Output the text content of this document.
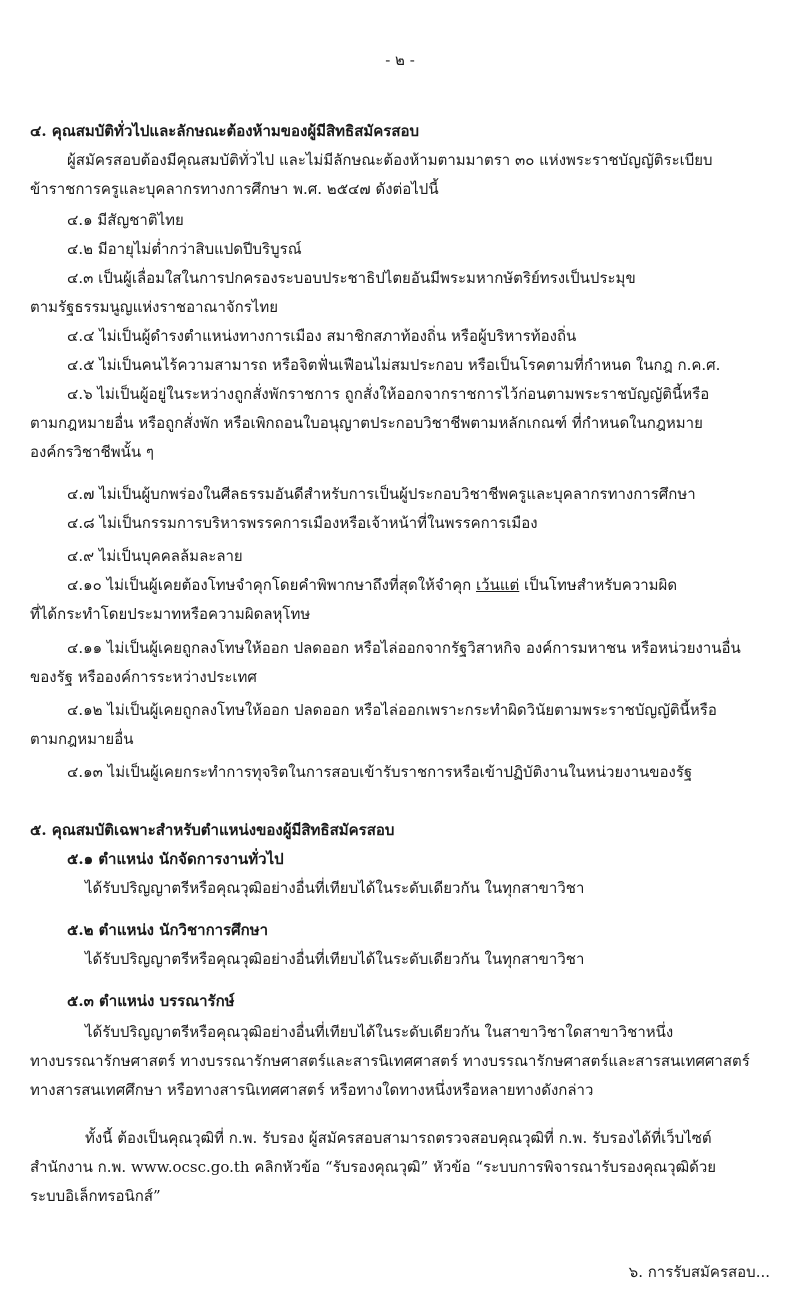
- ๒ -
๔. คุณสมบัติทั่วไปและลักษณะต้องห้ามของผู้มีสิทธิสมัครสอบ
ผู้สมัครสอบต้องมีคุณสมบัติทั่วไป และไม่มีลักษณะต้องห้ามตามมาตรา ๓๐ แห่งพระราชบัญญัติระเบียบ
ข้าราชการครูและบุคลากรทางการศึกษา พ.ศ. ๒๕๔๗ ดังต่อไปนี้
๔.๑ มีสัญชาติไทย
๔.๒ มีอายุไม่ต่ำกว่าสิบแปดปีบริบูรณ์
๔.๓ เป็นผู้เลื่อมใสในการปกครองระบอบประชาธิปไตยอันมีพระมหากษัตริย์ทรงเป็นประมุข
ตามรัฐธรรมนูญแห่งราชอาณาจักรไทย
๔.๔ ไม่เป็นผู้ดำรงตำแหน่งทางการเมือง สมาชิกสภาท้องถิ่น หรือผู้บริหารท้องถิ่น
๔.๕ ไม่เป็นคนไร้ความสามารถ หรือจิตฟั่นเฟือนไม่สมประกอบ หรือเป็นโรคตามที่กำหนด ในกฎ ก.ค.ศ.
๔.๖ ไม่เป็นผู้อยู่ในระหว่างถูกสั่งพักราชการ ถูกสั่งให้ออกจากราชการไว้ก่อนตามพระราชบัญญัตินี้หรือ
ตามกฎหมายอื่น หรือถูกสั่งพัก หรือเพิกถอนใบอนุญาตประกอบวิชาชีพตามหลักเกณฑ์ ที่กำหนดในกฎหมาย
องค์กรวิชาชีพนั้น ๆ
๔.๗ ไม่เป็นผู้บกพร่องในศีลธรรมอันดีสำหรับการเป็นผู้ประกอบวิชาชีพครูและบุคลากรทางการศึกษา
๔.๘ ไม่เป็นกรรมการบริหารพรรคการเมืองหรือเจ้าหน้าที่ในพรรคการเมือง
๔.๙ ไม่เป็นบุคคลล้มละลาย
๔.๑๐ ไม่เป็นผู้เคยต้องโทษจำคุกโดยคำพิพากษาถึงที่สุดให้จำคุก เว้นแต่ เป็นโทษสำหรับความผิด
ที่ได้กระทำโดยประมาทหรือความผิดลหุโทษ
๔.๑๑ ไม่เป็นผู้เคยถูกลงโทษให้ออก ปลดออก หรือไล่ออกจากรัฐวิสาหกิจ องค์การมหาชน หรือหน่วยงานอื่น
ของรัฐ หรือองค์การระหว่างประเทศ
๔.๑๒ ไม่เป็นผู้เคยถูกลงโทษให้ออก ปลดออก หรือไล่ออกเพราะกระทำผิดวินัยตามพระราชบัญญัตินี้หรือ
ตามกฎหมายอื่น
๔.๑๓ ไม่เป็นผู้เคยกระทำการทุจริตในการสอบเข้ารับราชการหรือเข้าปฏิบัติงานในหน่วยงานของรัฐ
๕. คุณสมบัติเฉพาะสำหรับตำแหน่งของผู้มีสิทธิสมัครสอบ
๕.๑ ตำแหน่ง นักจัดการงานทั่วไป
ได้รับปริญญาตรีหรือคุณวุฒิอย่างอื่นที่เทียบได้ในระดับเดียวกัน ในทุกสาขาวิชา
๕.๒ ตำแหน่ง นักวิชาการศึกษา
ได้รับปริญญาตรีหรือคุณวุฒิอย่างอื่นที่เทียบได้ในระดับเดียวกัน ในทุกสาขาวิชา
๕.๓ ตำแหน่ง บรรณารักษ์
ได้รับปริญญาตรีหรือคุณวุฒิอย่างอื่นที่เทียบได้ในระดับเดียวกัน ในสาขาวิชาใดสาขาวิชาหนึ่ง
ทางบรรณารักษศาสตร์ ทางบรรณารักษศาสตร์และสารนิเทศศาสตร์ ทางบรรณารักษศาสตร์และสารสนเทศศาสตร์
ทางสารสนเทศศึกษา หรือทางสารนิเทศศาสตร์ หรือทางใดทางหนึ่งหรือหลายทางดังกล่าว
ทั้งนี้ ต้องเป็นคุณวุฒิที่ ก.พ. รับรอง ผู้สมัครสอบสามารถตรวจสอบคุณวุฒิที่ ก.พ. รับรองได้ที่เว็บไซต์
สำนักงาน ก.พ. www.ocsc.go.th คลิกหัวข้อ “รับรองคุณวุฒิ” หัวข้อ “ระบบการพิจารณารับรองคุณวุฒิด้วย
ระบบอิเล็กทรอนิกส์”
๖. การรับสมัครสอบ...
